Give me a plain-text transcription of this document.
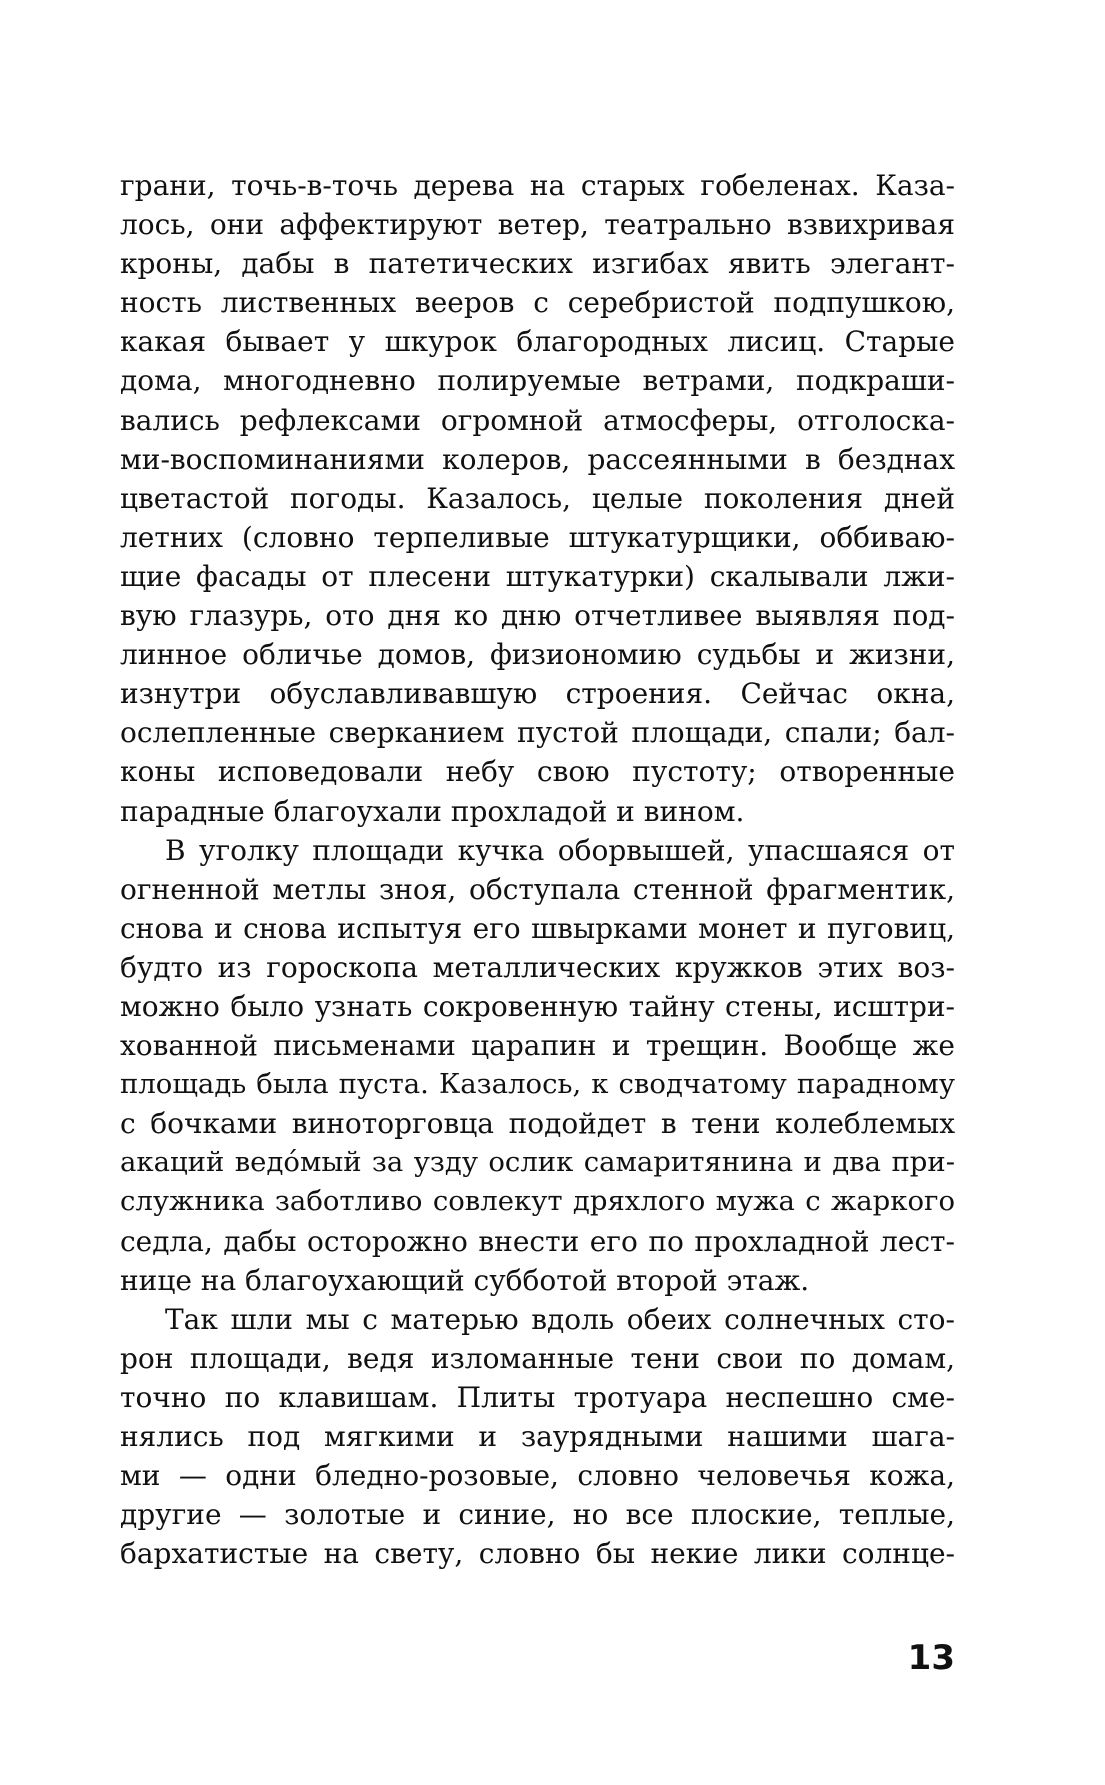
грани, точь-в-точь дерева на старых гобеленах. Каза-
лось, они аффектируют ветер, театрально взвихривая
кроны, дабы в патетических изгибах явить элегант-
ность лиственных вееров с серебристой подпушкою,
какая бывает у шкурок благородных лисиц. Старые
дома, многодневно полируемые ветрами, подкраши-
вались рефлексами огромной атмосферы, отголоска-
ми-воспоминаниями колеров, рассеянными в безднах
цветастой погоды. Казалось, целые поколения дней
летних (словно терпеливые штукатурщики, оббиваю-
щие фасады от плесени штукатурки) скалывали лжи-
вую глазурь, ото дня ко дню отчетливее выявляя под-
линное обличье домов, физиономию судьбы и жизни,
изнутри обуславливавшую строения. Сейчас окна,
ослепленные сверканием пустой площади, спали; бал-
коны исповедовали небу свою пустоту; отворенные
парадные благоухали прохладой и вином.
В уголку площади кучка оборвышей, упасшаяся от
огненной метлы зноя, обступала стенной фрагментик,
снова и снова испытуя его швырками монет и пуговиц,
будто из гороскопа металлических кружков этих воз-
можно было узнать сокровенную тайну стены, исштри-
хованной письменами царапин и трещин. Вообще же
площадь была пуста. Казалось, к сводчатому парадному
с бочками виноторговца подойдет в тени колеблемых
акаций ведо́мый за узду ослик самаритянина и два при-
служника заботливо совлекут дряхлого мужа с жаркого
седла, дабы осторожно внести его по прохладной лест-
нице на благоухающий субботой второй этаж.
Так шли мы с матерью вдоль обеих солнечных сто-
рон площади, ведя изломанные тени свои по домам,
точно по клавишам. Плиты тротуара неспешно сме-
нялись под мягкими и заурядными нашими шага-
ми — одни бледно-розовые, словно человечья кожа,
другие — золотые и синие, но все плоские, теплые,
бархатистые на свету, словно бы некие лики солнце-
13
